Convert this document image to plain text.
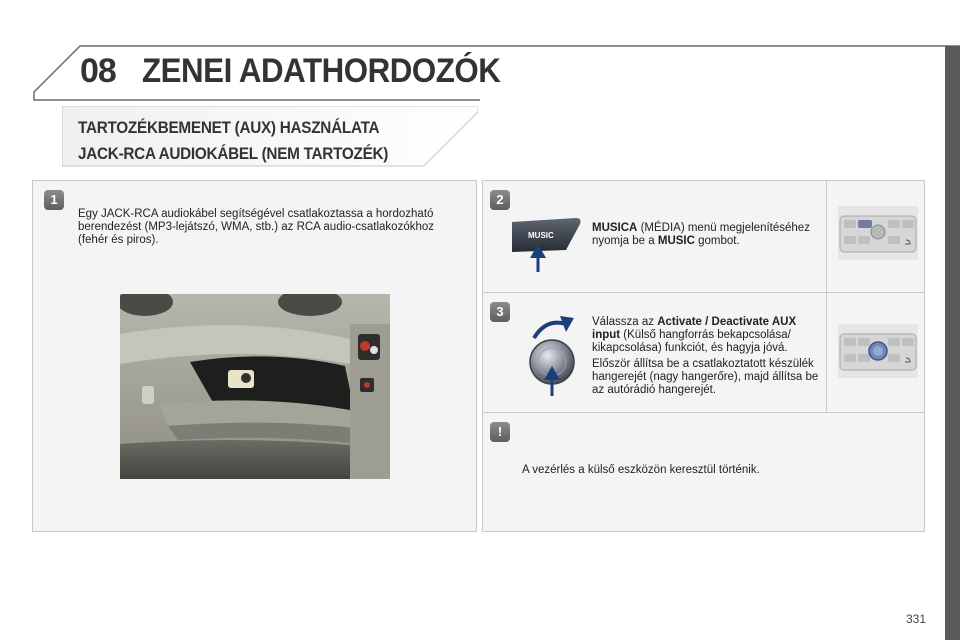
08 ZENEI ADATHORDOZÓK
TARTOZÉKBEMENET (AUX) HASZNÁLATA
JACK-RCA AUDIOKÁBEL (NEM TARTOZÉK)
1
Egy JACK-RCA audiokábel segítségével csatlakoztassa a hordozható berendezést (MP3-lejátszó, WMA, stb.) az RCA audio-csatlakozókhoz (fehér és piros).
2
MUSIC
MUSICA (MÉDIA) menü megjelenítéséhez nyomja be a MUSIC gombot.
3
Válassza az Activate / Deactivate AUX input (Külső hangforrás bekapcsolása/ kikapcsolása) funkciót, és hagyja jóvá.
Először állítsa be a csatlakoztatott készülék hangerejét (nagy hangerőre), majd állítsa be az autórádió hangerejét.
!
A vezérlés a külső eszközön keresztül történik.
331
